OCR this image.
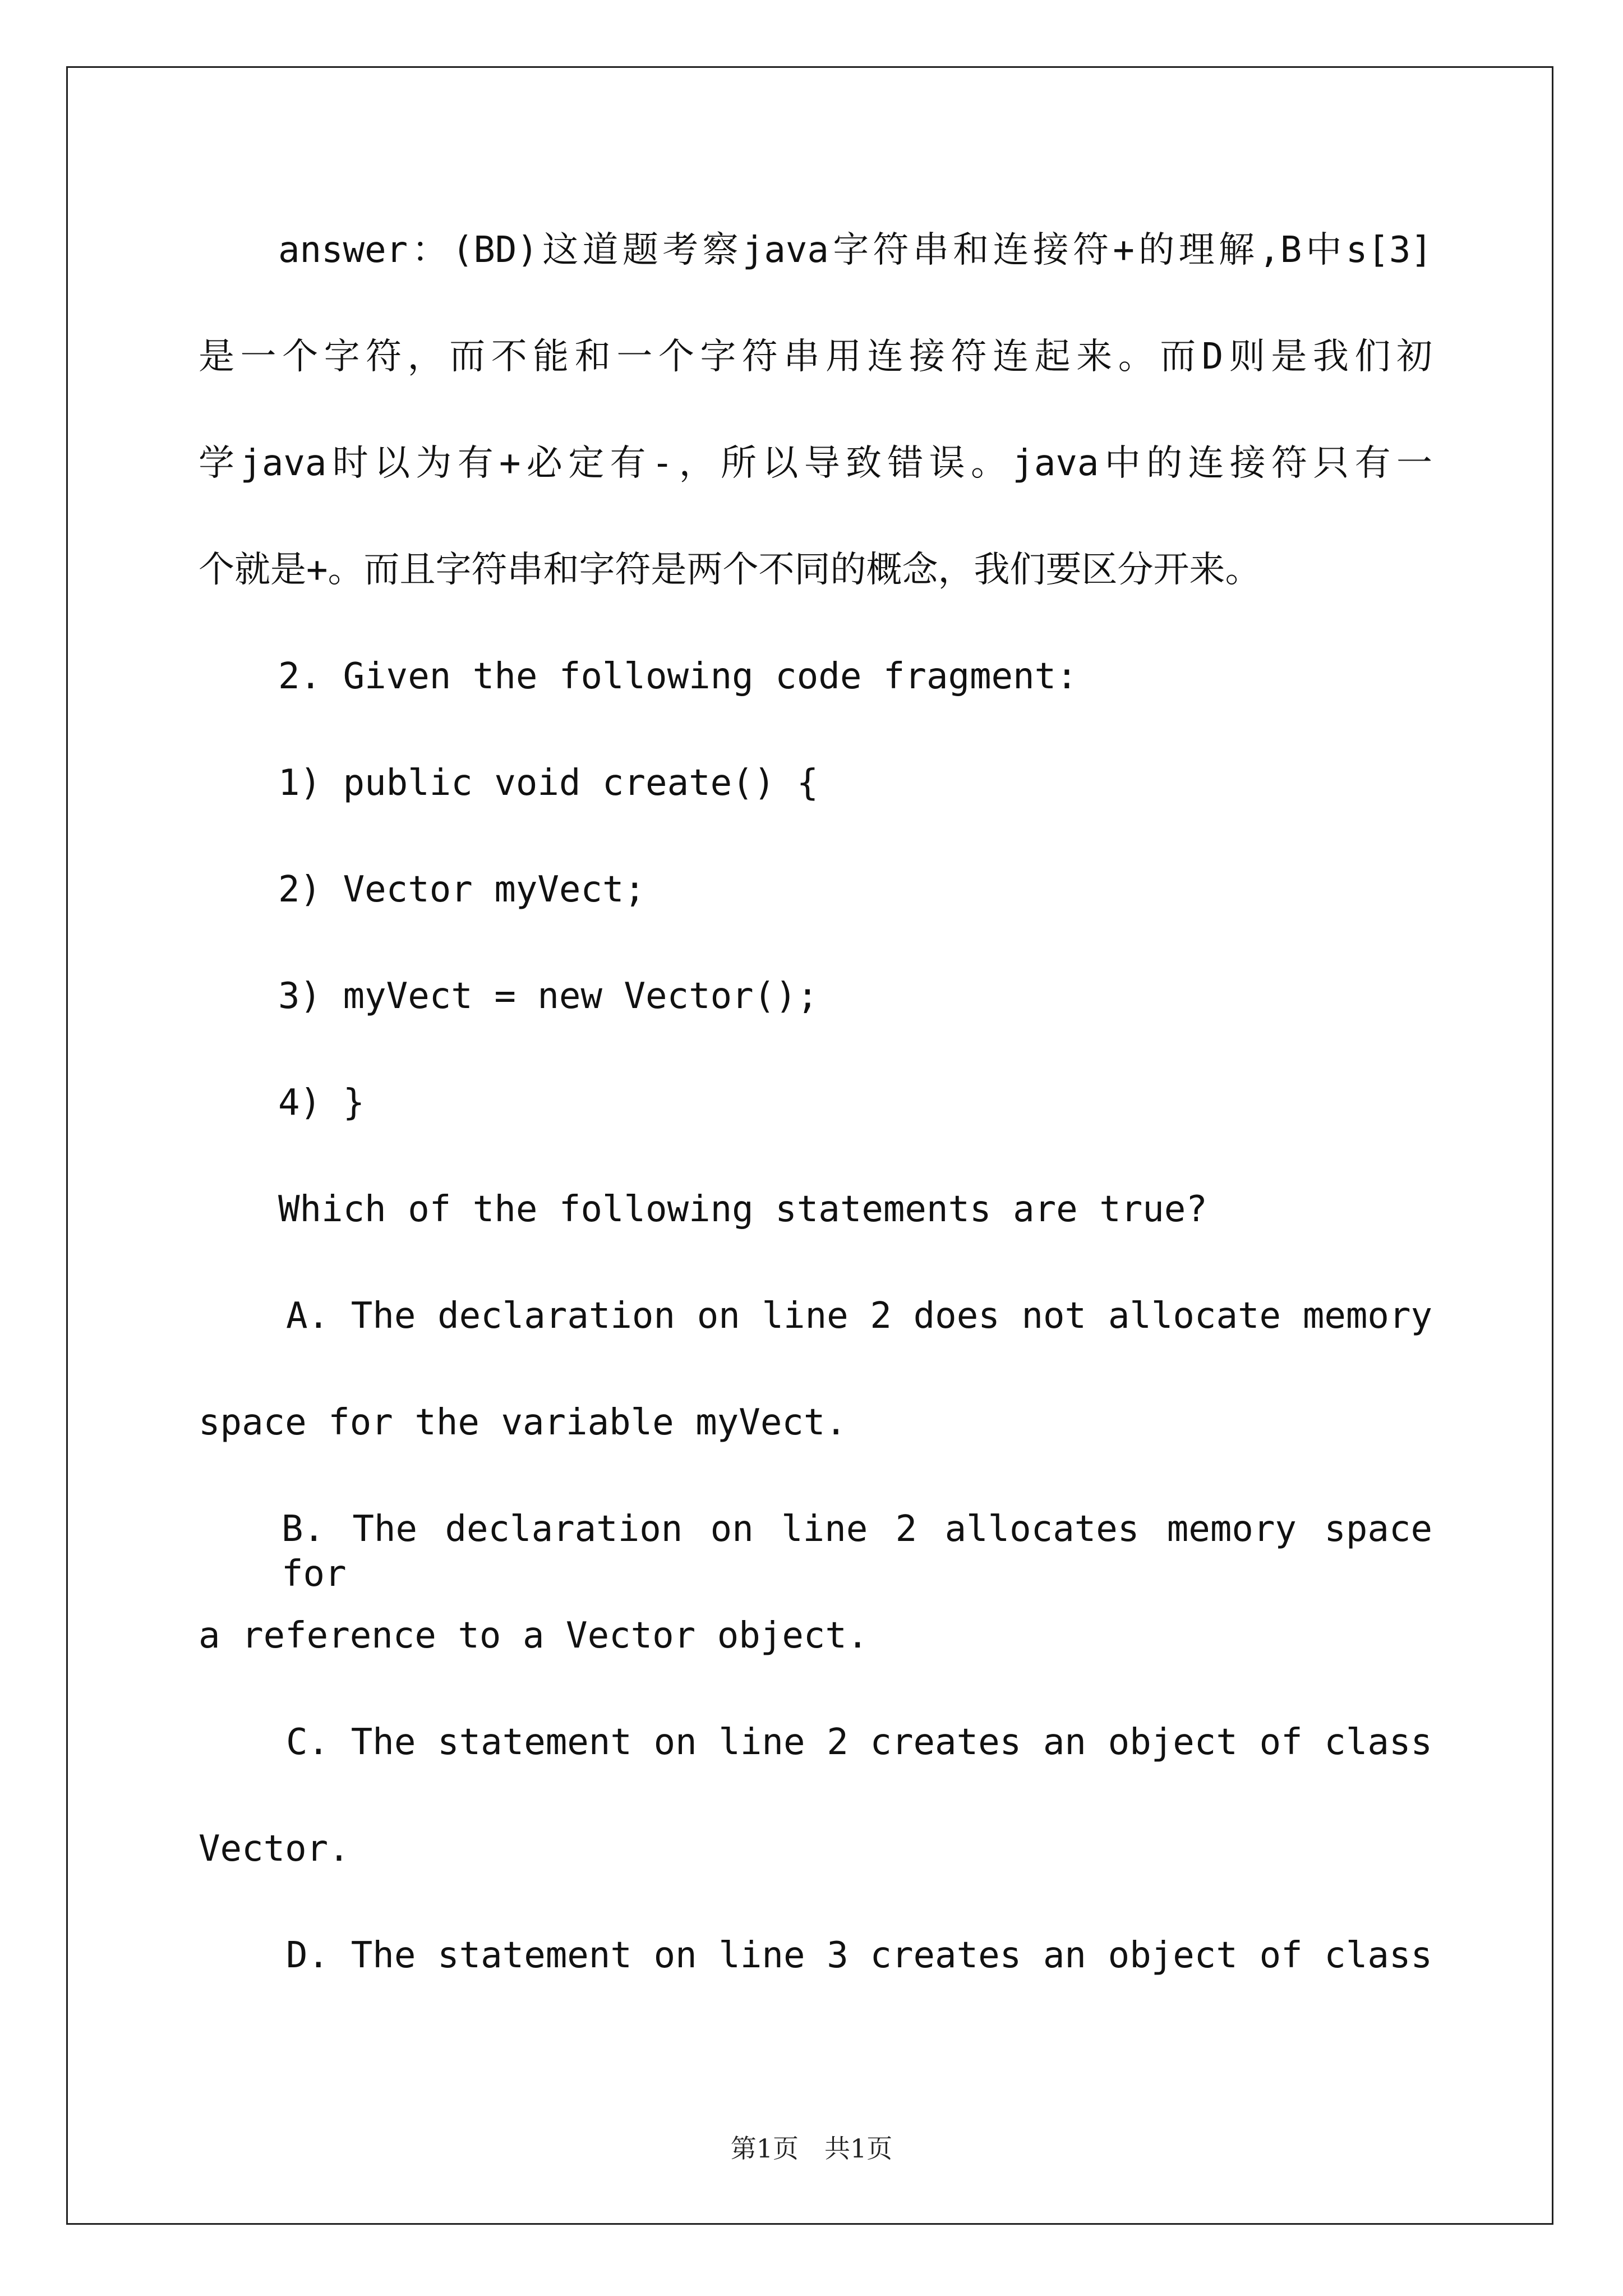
answer：(BD)这道题考察java字符串和连接符+的理解,B中s[3]
是一个字符，而不能和一个字符串用连接符连起来。而D则是我们初
学java时以为有+必定有-，所以导致错误。java中的连接符只有一
个就是+。而且字符串和字符是两个不同的概念，我们要区分开来。
2. Given the following code fragment:
1) public void create() {
2) Vector myVect;
3) myVect = new Vector();
4) }
Which of the following statements are true?
A. The declaration on line 2 does not allocate memory
space for the variable myVect.
B. The declaration on line 2 allocates memory space for
a reference to a Vector object.
C. The statement on line 2 creates an object of class
Vector.
D. The statement on line 3 creates an object of class
第1页　共1页
